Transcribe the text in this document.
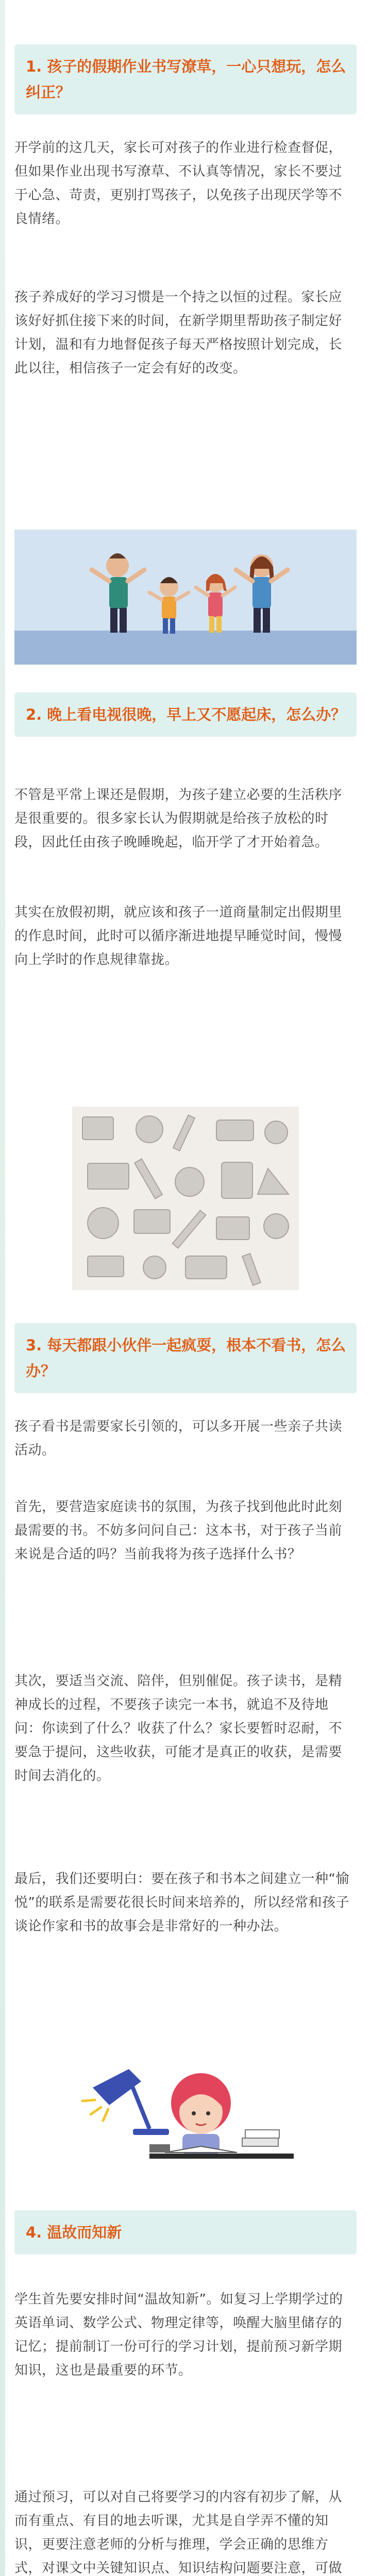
1. 孩子的假期作业书写潦草，一心只想玩，怎么纠正？
开学前的这几天，家长可对孩子的作业进行检查督促，但如果作业出现书写潦草、不认真等情况，家长不要过于心急、苛责，更别打骂孩子，以免孩子出现厌学等不良情绪。
孩子养成好的学习习惯是一个持之以恒的过程。家长应该好好抓住接下来的时间，在新学期里帮助孩子制定好计划，温和有力地督促孩子每天严格按照计划完成，长此以往，相信孩子一定会有好的改变。
2. 晚上看电视很晚，早上又不愿起床，怎么办？
不管是平常上课还是假期，为孩子建立必要的生活秩序是很重要的。很多家长认为假期就是给孩子放松的时段，因此任由孩子晚睡晚起，临开学了才开始着急。
其实在放假初期，就应该和孩子一道商量制定出假期里的作息时间，此时可以循序渐进地提早睡觉时间，慢慢向上学时的作息规律靠拢。
3. 每天都跟小伙伴一起疯耍，根本不看书，怎么办？
孩子看书是需要家长引领的，可以多开展一些亲子共读活动。
首先，要营造家庭读书的氛围，为孩子找到他此时此刻最需要的书。不妨多问问自己：这本书，对于孩子当前来说是合适的吗？当前我将为孩子选择什么书？
其次，要适当交流、陪伴，但别催促。孩子读书，是精神成长的过程，不要孩子读完一本书，就追不及待地问：你读到了什么？收获了什么？家长要暂时忍耐，不要急于提问，这些收获，可能才是真正的收获，是需要时间去消化的。
最后，我们还要明白：要在孩子和书本之间建立一种“愉悦”的联系是需要花很长时间来培养的，所以经常和孩子谈论作家和书的故事会是非常好的一种办法。
4. 温故而知新
学生首先要安排时间“温故知新”。如复习上学期学过的英语单词、数学公式、物理定律等，唤醒大脑里储存的记忆；提前制订一份可行的学习计划，提前预习新学期知识，这也是最重要的环节。
通过预习，可以对自己将要学习的内容有初步了解，从而有重点、有目的地去听课，尤其是自学弄不懂的知识，更要注意老师的分析与推理，学会正确的思维方式，对课文中关键知识点、知识结构问题要注意，可做
